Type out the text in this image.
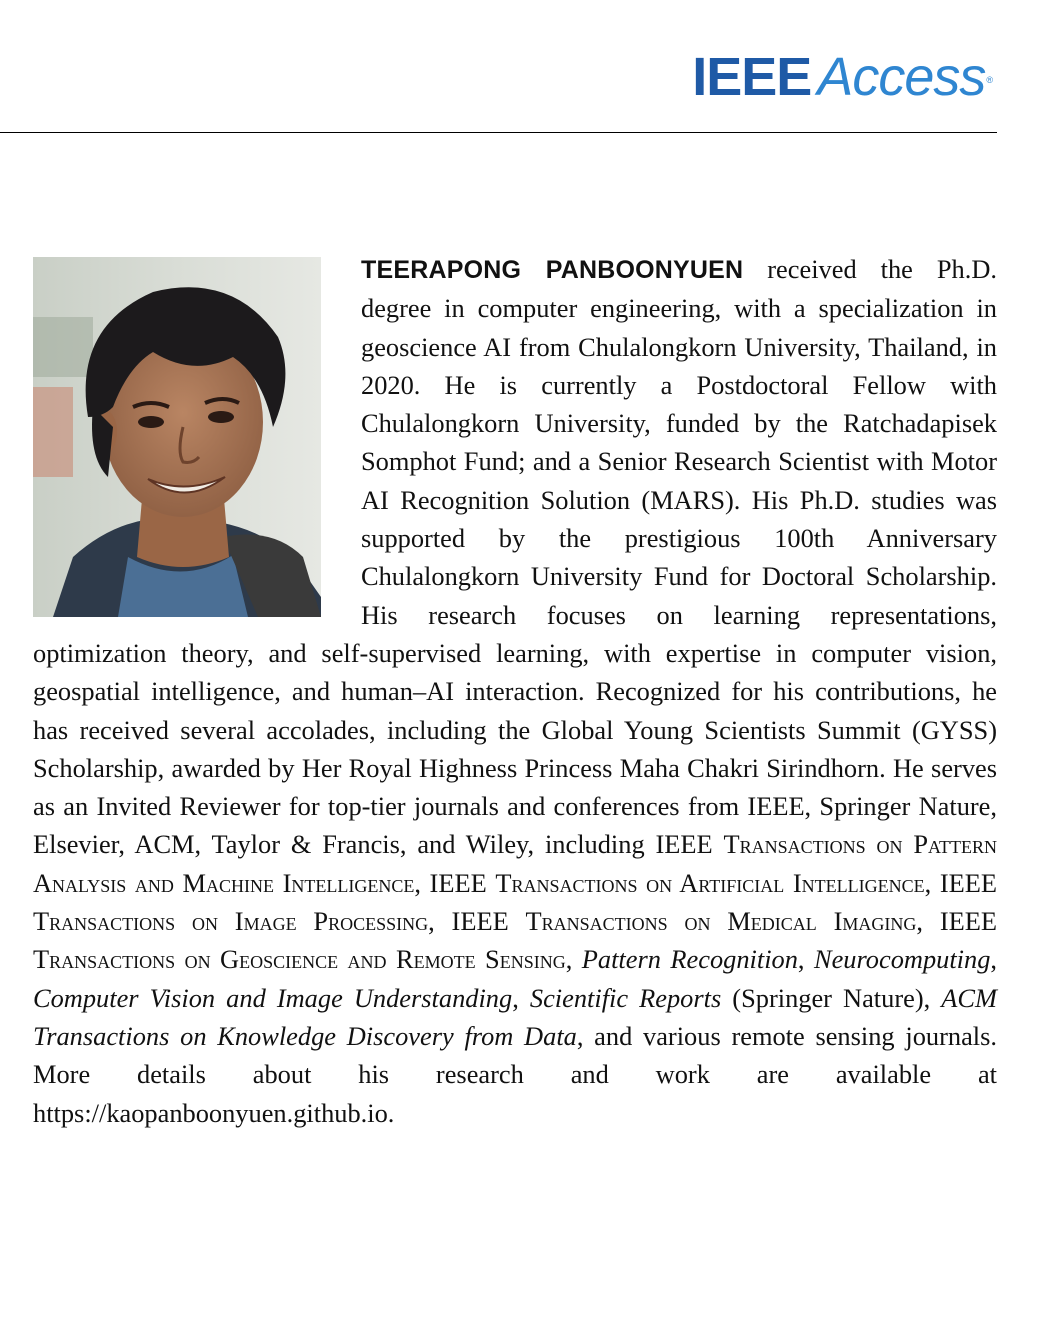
IEEE Access®
TEERAPONG PANBOONYUEN received the Ph.D. degree in computer engineering, with a specialization in geoscience AI from Chulalongkorn University, Thailand, in 2020. He is currently a Postdoctoral Fellow with Chulalongkorn University, funded by the Ratchadapisek Somphot Fund; and a Senior Research Scientist with Motor AI Recognition Solution (MARS). His Ph.D. studies was supported by the prestigious 100th Anniversary Chulalongkorn University Fund for Doctoral Scholarship. His research focuses on learning representations, optimization theory, and self-supervised learning, with expertise in computer vision, geospatial intelligence, and human–AI interaction. Recognized for his contributions, he has received several accolades, including the Global Young Scientists Summit (GYSS) Scholarship, awarded by Her Royal Highness Princess Maha Chakri Sirindhorn. He serves as an Invited Reviewer for top-tier journals and conferences from IEEE, Springer Nature, Elsevier, ACM, Taylor & Francis, and Wiley, including IEEE Transactions on Pattern Analysis and Machine Intelligence, IEEE Transactions on Artificial Intelligence, IEEE Transactions on Image Processing, IEEE Transactions on Medical Imaging, IEEE Transactions on Geoscience and Remote Sensing, Pattern Recognition, Neurocomputing, Computer Vision and Image Understanding, Scientific Reports (Springer Nature), ACM Transactions on Knowledge Discovery from Data, and various remote sensing journals. More details about his research and work are available at https://kaopanboonyuen.github.io.
